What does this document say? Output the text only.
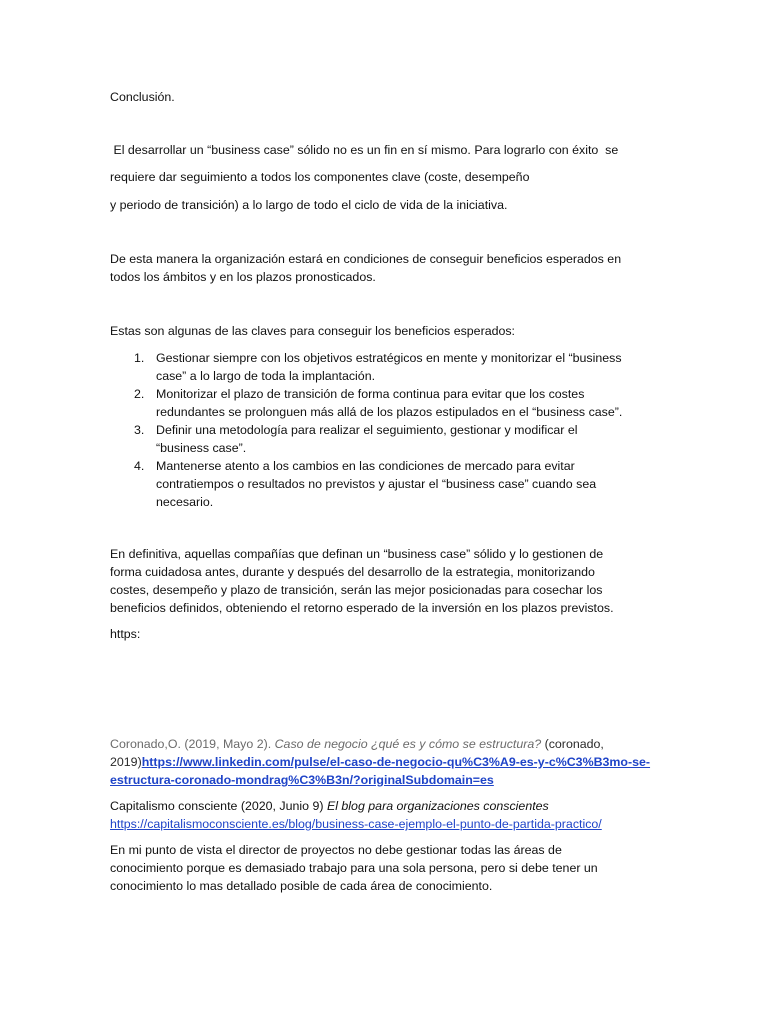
Conclusión.

El desarrollar un “business case” sólido no es un fin en sí mismo. Para lograrlo con éxito  se

requiere dar seguimiento a todos los componentes clave (coste, desempeño

y periodo de transición) a lo largo de todo el ciclo de vida de la iniciativa.

De esta manera la organización estará en condiciones de conseguir beneficios esperados en
todos los ámbitos y en los plazos pronosticados.

Estas son algunas de las claves para conseguir los beneficios esperados:

1. Gestionar siempre con los objetivos estratégicos en mente y monitorizar el “business
case” a lo largo de toda la implantación.
2. Monitorizar el plazo de transición de forma continua para evitar que los costes
redundantes se prolonguen más allá de los plazos estipulados en el “business case”.
3. Definir una metodología para realizar el seguimiento, gestionar y modificar el
“business case”.
4. Mantenerse atento a los cambios en las condiciones de mercado para evitar
contratiempos o resultados no previstos y ajustar el “business case” cuando sea
necesario.
En definitiva, aquellas compañías que definan un “business case” sólido y lo gestionen de
forma cuidadosa antes, durante y después del desarrollo de la estrategia, monitorizando
costes, desempeño y plazo de transición, serán las mejor posicionadas para cosechar los
beneficios definidos, obteniendo el retorno esperado de la inversión en los plazos previstos.

https:

Coronado,O. (2019, Mayo 2). Caso de negocio ¿qué es y cómo se estructura? (coronado,
2019)https://www.linkedin.com/pulse/el-caso-de-negocio-qu%C3%A9-es-y-c%C3%B3mo-se-
estructura-coronado-mondrag%C3%B3n/?originalSubdomain=es
Capitalismo consciente (2020, Junio 9) El blog para organizaciones conscientes
https://capitalismoconsciente.es/blog/business-case-ejemplo-el-punto-de-partida-practico/
En mi punto de vista el director de proyectos no debe gestionar todas las áreas de
conocimiento porque es demasiado trabajo para una sola persona, pero si debe tener un
conocimiento lo mas detallado posible de cada área de conocimiento.
